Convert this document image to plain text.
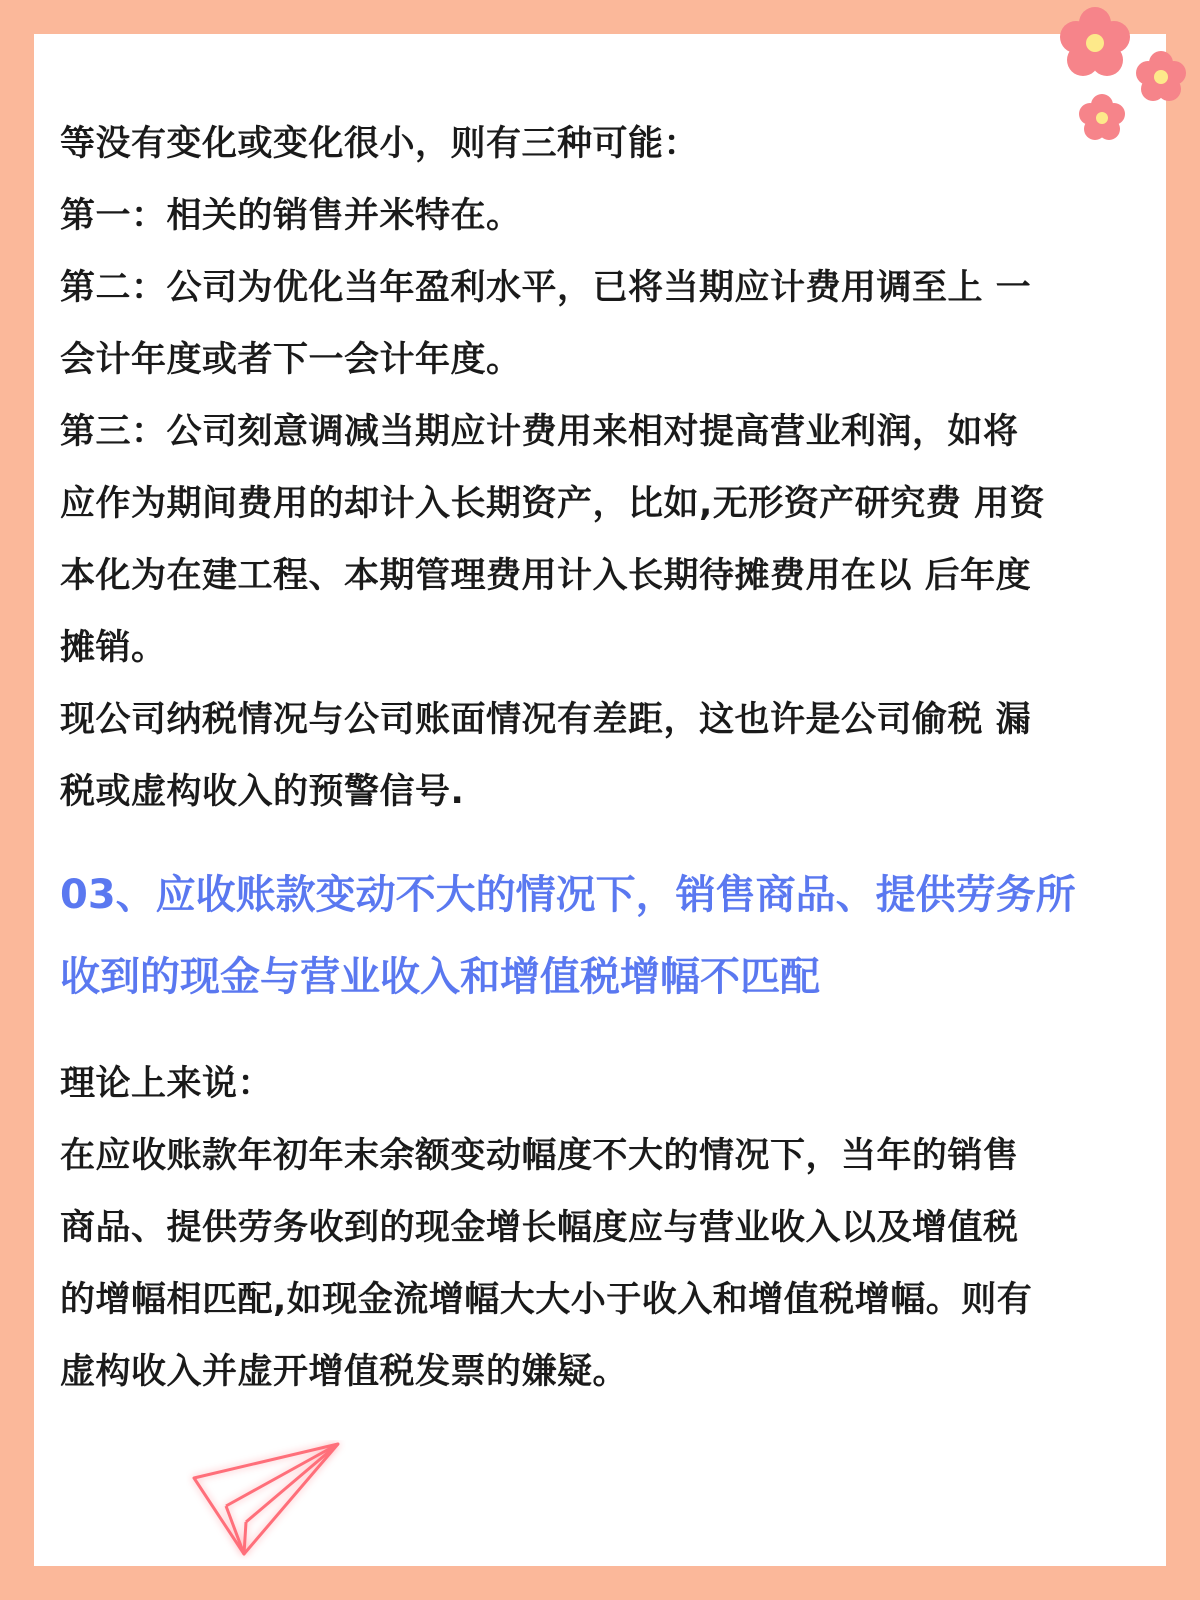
等没有变化或变化很小，则有三种可能：

第一：相关的销售并米特在。

第二：公司为优化当年盈利水平，已将当期应计费用调至上 一

会计年度或者下一会计年度。

第三：公司刻意调减当期应计费用来相对提高营业利润，如将

应作为期间费用的却计入长期资产，比如,无形资产研究费 用资

本化为在建工程、本期管理费用计入长期待摊费用在以 后年度

摊销。

现公司纳税情况与公司账面情况有差距，这也许是公司偷税 漏

税或虚构收入的预警信号.

03、应收账款变动不大的情况下，销售商品、提供劳务所

收到的现金与营业收入和增值税增幅不匹配

理论上来说：

在应收账款年初年末余额变动幅度不大的情况下，当年的销售

商品、提供劳务收到的现金增长幅度应与营业收入以及增值税

的增幅相匹配,如现金流增幅大大小于收入和增值税增幅。则有

虚构收入并虚开增值税发票的嫌疑。
